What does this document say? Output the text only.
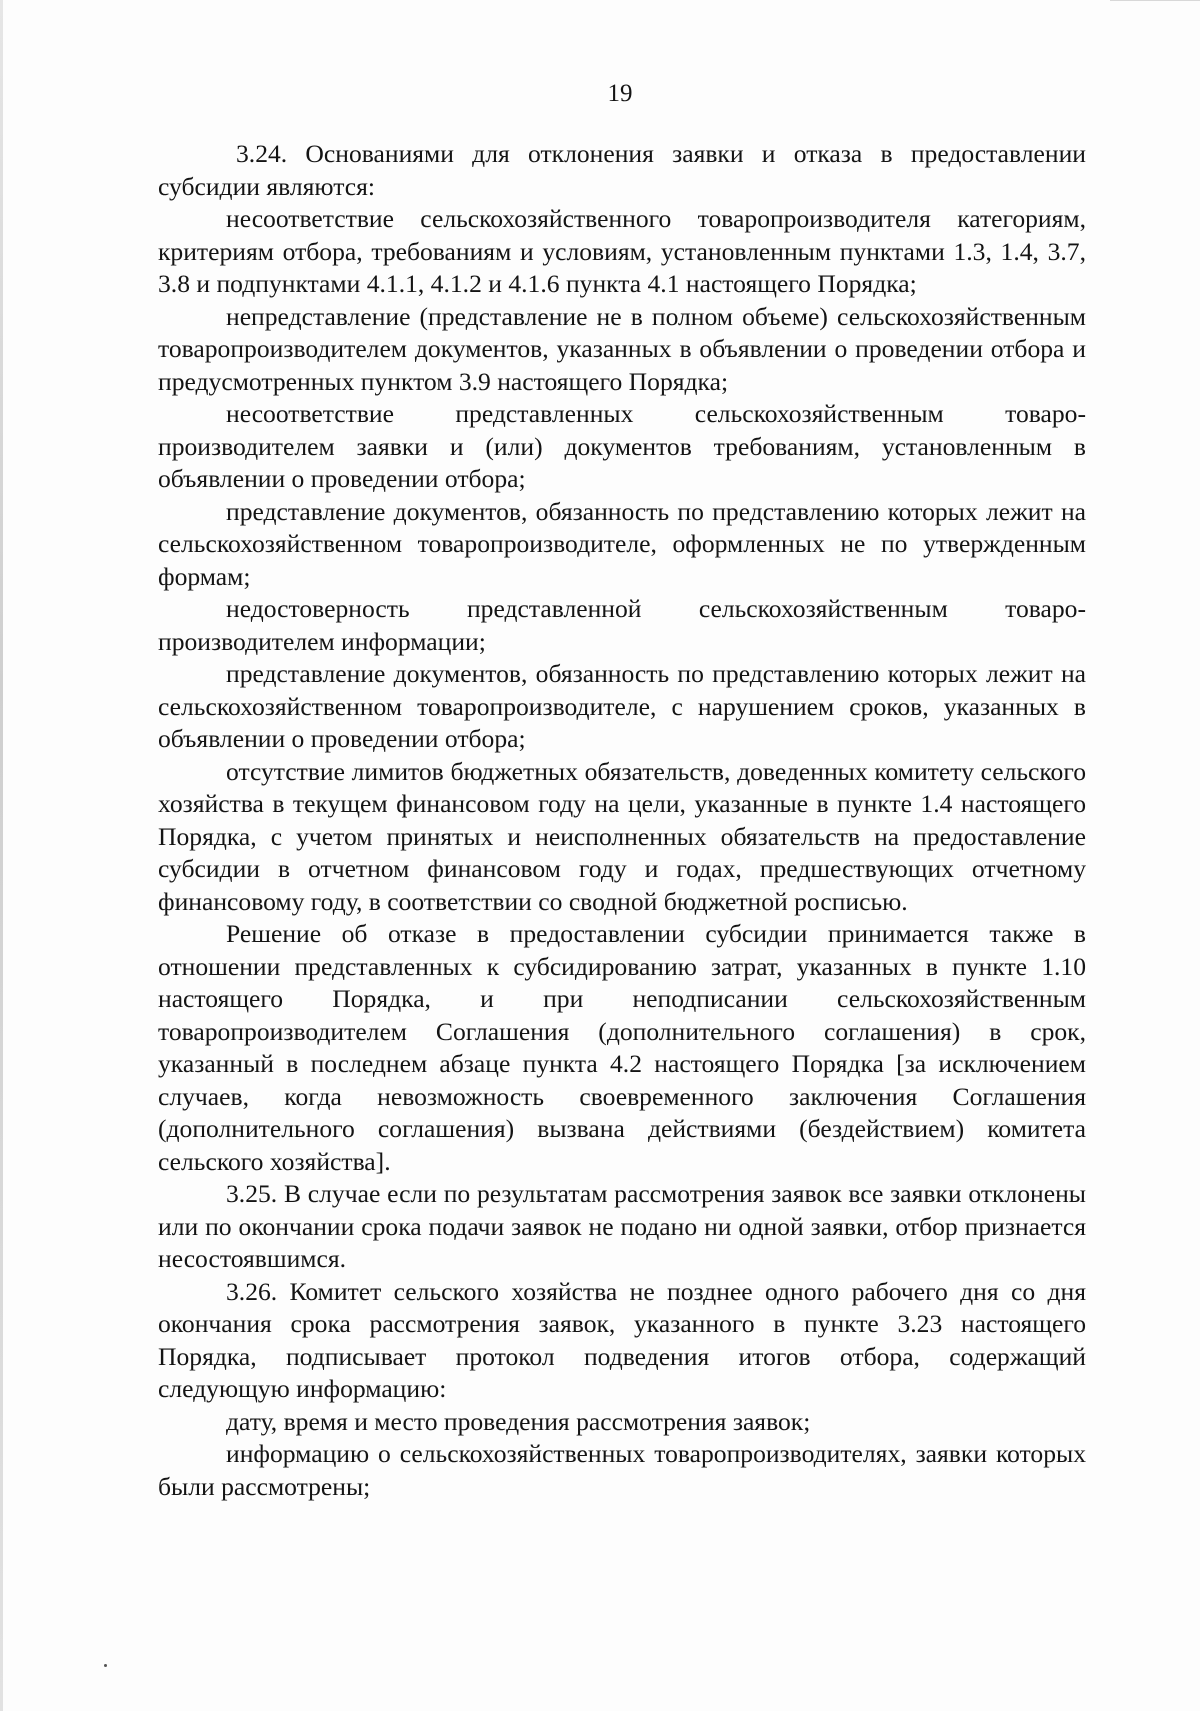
19

3.24. Основаниями для отклонения заявки и отказа в предоставлении субсидии являются:

несоответствие сельскохозяйственного товаропроизводителя категориям, критериям отбора, требованиям и условиям, установленным пунктами 1.3, 1.4, 3.7, 3.8 и подпунктами 4.1.1, 4.1.2 и 4.1.6 пункта 4.1 настоящего Порядка;

непредставление (представление не в полном объеме) сельскохозяйственным товаропроизводителем документов, указанных в объявлении о проведении отбора и предусмотренных пунктом 3.9 настоящего Порядка;

несоответствие представленных сельскохозяйственным товаропроизводителем заявки и (или) документов требованиям, установленным в объявлении о проведении отбора;

представление документов, обязанность по представлению которых лежит на сельскохозяйственном товаропроизводителе, оформленных не по утвержденным формам;

недостоверность представленной сельскохозяйственным товаропроизводителем информации;

представление документов, обязанность по представлению которых лежит на сельскохозяйственном товаропроизводителе, с нарушением сроков, указанных в объявлении о проведении отбора;

отсутствие лимитов бюджетных обязательств, доведенных комитету сельского хозяйства в текущем финансовом году на цели, указанные в пункте 1.4 настоящего Порядка, с учетом принятых и неисполненных обязательств на предоставление субсидии в отчетном финансовом году и годах, предшествующих отчетному финансовому году, в соответствии со сводной бюджетной росписью.

Решение об отказе в предоставлении субсидии принимается также в отношении представленных к субсидированию затрат, указанных в пункте 1.10 настоящего Порядка, и при неподписании сельскохозяйственным товаропроизводителем Соглашения (дополнительного соглашения) в срок, указанный в последнем абзаце пункта 4.2 настоящего Порядка [за исключением случаев, когда невозможность своевременного заключения Соглашения (дополнительного соглашения) вызвана действиями (бездействием) комитета сельского хозяйства].

3.25. В случае если по результатам рассмотрения заявок все заявки отклонены или по окончании срока подачи заявок не подано ни одной заявки, отбор признается несостоявшимся.

3.26. Комитет сельского хозяйства не позднее одного рабочего дня со дня окончания срока рассмотрения заявок, указанного в пункте 3.23 настоящего Порядка, подписывает протокол подведения итогов отбора, содержащий следующую информацию:

дату, время и место проведения рассмотрения заявок;

информацию о сельскохозяйственных товаропроизводителях, заявки которых были рассмотрены;
